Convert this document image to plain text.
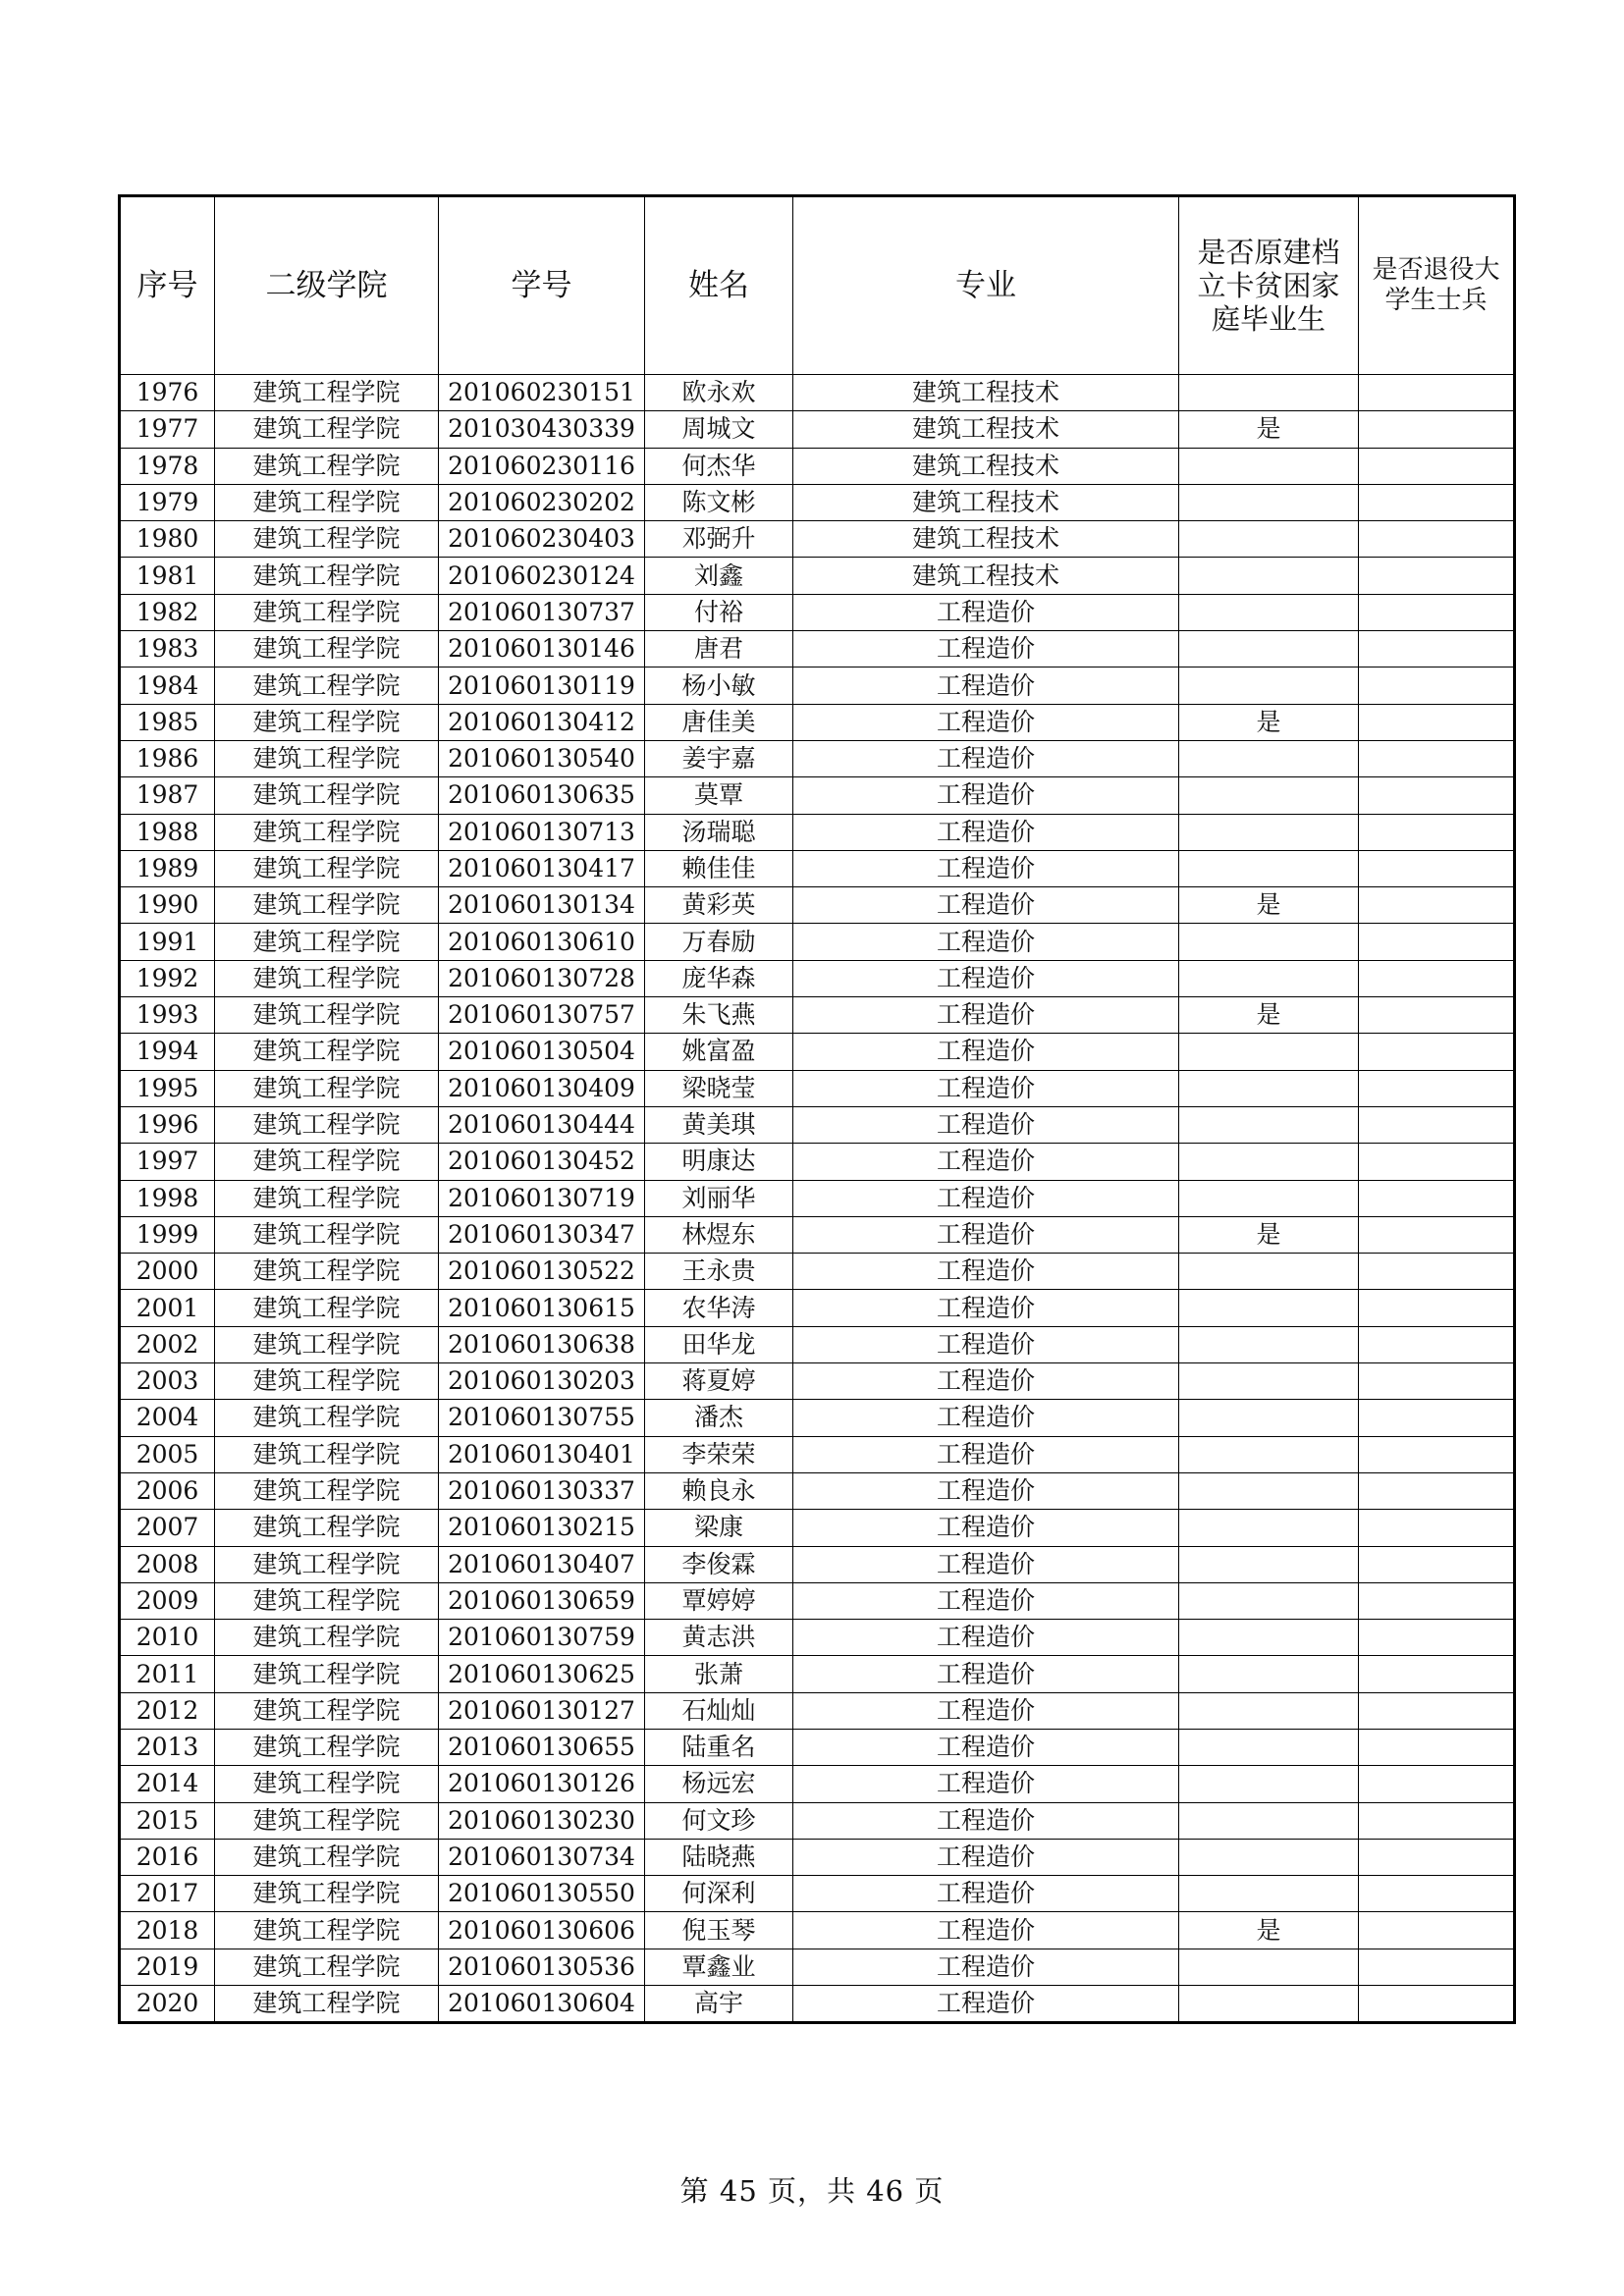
序号	二级学院	学号	姓名	专业	是否原建档立卡贫困家庭毕业生	是否退役大学生士兵
1976	建筑工程学院	201060230151	欧永欢	建筑工程技术		
1977	建筑工程学院	201030430339	周城文	建筑工程技术	是	
1978	建筑工程学院	201060230116	何杰华	建筑工程技术		
1979	建筑工程学院	201060230202	陈文彬	建筑工程技术		
1980	建筑工程学院	201060230403	邓弼升	建筑工程技术		
1981	建筑工程学院	201060230124	刘鑫	建筑工程技术		
1982	建筑工程学院	201060130737	付裕	工程造价		
1983	建筑工程学院	201060130146	唐君	工程造价		
1984	建筑工程学院	201060130119	杨小敏	工程造价		
1985	建筑工程学院	201060130412	唐佳美	工程造价	是	
1986	建筑工程学院	201060130540	姜宇嘉	工程造价		
1987	建筑工程学院	201060130635	莫覃	工程造价		
1988	建筑工程学院	201060130713	汤瑞聪	工程造价		
1989	建筑工程学院	201060130417	赖佳佳	工程造价		
1990	建筑工程学院	201060130134	黄彩英	工程造价	是	
1991	建筑工程学院	201060130610	万春励	工程造价		
1992	建筑工程学院	201060130728	庞华森	工程造价		
1993	建筑工程学院	201060130757	朱飞燕	工程造价	是	
1994	建筑工程学院	201060130504	姚富盈	工程造价		
1995	建筑工程学院	201060130409	梁晓莹	工程造价		
1996	建筑工程学院	201060130444	黄美琪	工程造价		
1997	建筑工程学院	201060130452	明康达	工程造价		
1998	建筑工程学院	201060130719	刘丽华	工程造价		
1999	建筑工程学院	201060130347	林煜东	工程造价	是	
2000	建筑工程学院	201060130522	王永贵	工程造价		
2001	建筑工程学院	201060130615	农华涛	工程造价		
2002	建筑工程学院	201060130638	田华龙	工程造价		
2003	建筑工程学院	201060130203	蒋夏婷	工程造价		
2004	建筑工程学院	201060130755	潘杰	工程造价		
2005	建筑工程学院	201060130401	李荣荣	工程造价		
2006	建筑工程学院	201060130337	赖良永	工程造价		
2007	建筑工程学院	201060130215	梁康	工程造价		
2008	建筑工程学院	201060130407	李俊霖	工程造价		
2009	建筑工程学院	201060130659	覃婷婷	工程造价		
2010	建筑工程学院	201060130759	黄志洪	工程造价		
2011	建筑工程学院	201060130625	张萧	工程造价		
2012	建筑工程学院	201060130127	石灿灿	工程造价		
2013	建筑工程学院	201060130655	陆重名	工程造价		
2014	建筑工程学院	201060130126	杨远宏	工程造价		
2015	建筑工程学院	201060130230	何文珍	工程造价		
2016	建筑工程学院	201060130734	陆晓燕	工程造价		
2017	建筑工程学院	201060130550	何深利	工程造价		
2018	建筑工程学院	201060130606	倪玉琴	工程造价	是	
2019	建筑工程学院	201060130536	覃鑫业	工程造价		
2020	建筑工程学院	201060130604	高宇	工程造价		
第 45 页，共 46 页
